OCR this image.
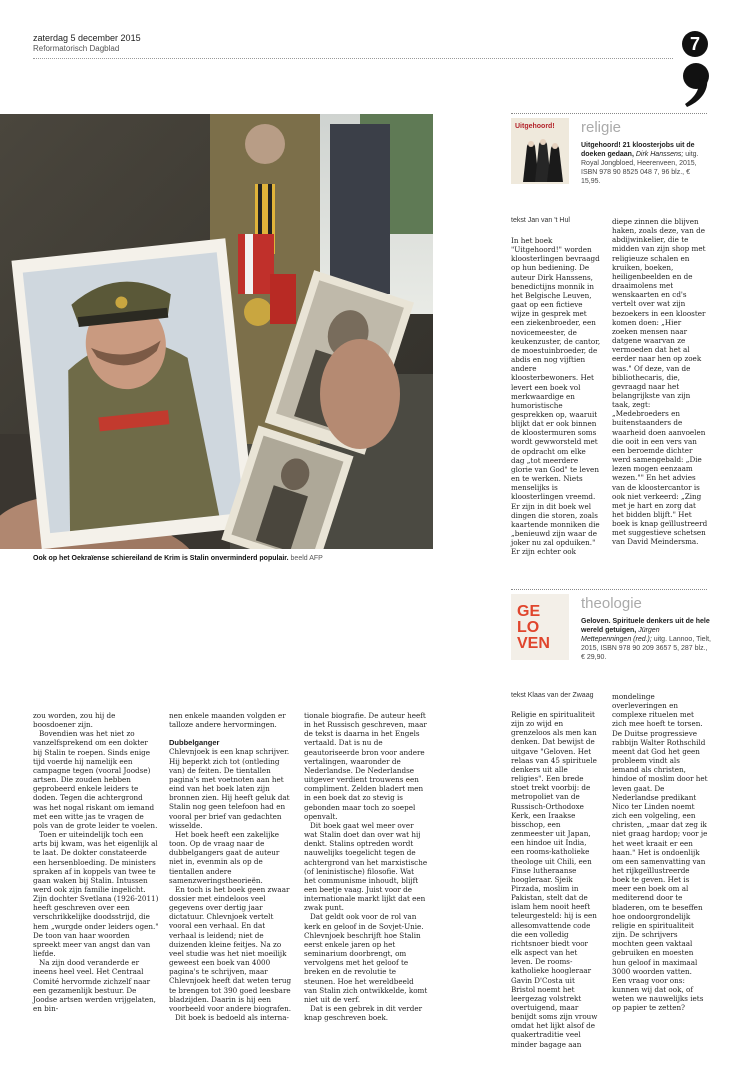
zaterdag 5 december 2015
Reformatorisch Dagblad	7
Ook op het Oekraïense schiereiland de Krim is Stalin onverminderd populair. beeld AFP
Uitgehoord! religie
Uitgehoord! 21 kloosterjobs uit de doeken gedaan, Dirk Hanssens; uitg. Royal Jongbloed, Heerenveen, 2015, ISBN 978 90 8525 048 7, 96 blz., € 15,95.
tekst Jan van 't Hul

In het boek "Uitgehoord!" worden kloosterlingen bevraagd op hun bediening. De auteur Dirk Hanssens, benedictijns monnik in het Belgische Leuven, gaat op een fictieve wijze in gesprek met een ziekenbroeder, een novicemeester, de keukenzuster, de cantor, de moestuinbroeder, de abdis en nog vijftien andere kloosterbewoners. Het levert een boek vol merkwaardige en humoristische gesprekken op, waaruit blijkt dat er ook binnen de kloostermuren soms wordt gewworsteld met de opdracht om elke dag „tot meerdere glorie van God" te leven en te werken. Niets menselijks is kloosterlingen vreemd. Er zijn in dit boek wel dingen die storen, zoals kaartende monniken die „benieuwd zijn waar de joker nu zal opduiken." Er zijn echter ook

diepe zinnen die blijven haken, zoals deze, van de abdijwinkelier, die te midden van zijn shop met religieuze schalen en kruiken, boeken, heiligenbeelden en de draaimolens met wenskaarten en cd's vertelt over wat zijn bezoekers in een klooster komen doen: „Hier zoeken mensen naar datgene waarvan ze vermoeden dat het al eerder naar hen op zoek was." Of deze, van de bibliothecaris, die, gevraagd naar het belangrijkste van zijn taak, zegt: „Medebroeders en buitenstaanders de waarheid doen aanvoelen die ooit in een vers van een beroemde dichter werd samengebald: „Die lezen mogen eenzaam wezen."" En het advies van de kloostercantor is ook niet verkeerd: „Zing met je hart en zorg dat het bidden blijft." Het boek is knap geïllustreerd met suggestieve schetsen van David Meindersma.

GE
LO
VEN
theologie
Geloven. Spirituele denkers uit de hele wereld getuigen, Jürgen Mettepenningen (red.); uitg. Lannoo, Tielt, 2015, ISBN 978 90 209 3657 5, 287 blz., € 29,90.
tekst Klaas van der Zwaag

Religie en spiritualiteit zijn zo wijd en grenzeloos als men kan denken. Dat bewijst de uitgave "Geloven. Het relaas van 45 spirituele denkers uit alle religies". Een brede stoet trekt voorbij: de metropoliet van de Russisch-Orthodoxe Kerk, een Iraakse bisschop, een zenmeester uit Japan, een hindoe uit India, een rooms-katholieke theologe uit Chili, een Finse lutheraanse hoogleraar. Sjeik Pirzada, moslim in Pakistan, stelt dat de islam hem nooit heeft teleurgesteld: hij is een allesomvattende code die een volledig richtsnoer biedt voor elk aspect van het leven. De rooms-katholieke hoogleraar Gavin D'Costa uit Bristol noemt het leergezag volstrekt overtuigend, maar benijdt soms zijn vrouw omdat het lijkt alsof de quakertraditie veel minder bagage aan

mondelinge overleveringen en complexe rituelen met zich mee hoeft te torsen. De Duitse progressieve rabbijn Walter Rothschild meent dat God het geen probleem vindt als iemand als christen, hindoe of moslim door het leven gaat. De Nederlandse predikant Nico ter Linden noemt zich een volgeling, een christen, „maar dat zeg ik niet graag hardop; voor je het weet kraait er een haan." Het is ondoenlijk om een samenvatting van het rijkgeïllustreerde boek te geven. Het is meer een boek om al mediterend door te bladeren, om te beseffen hoe ondoorgrondelijk religie en spiritualiteit zijn. De schrijvers mochten geen vaktaal gebruiken en moesten hun geloof in maximaal 3000 woorden vatten. Een vraag voor ons: kunnen wij dat ook, of weten we nauwelijks iets op papier te zetten?

zou worden, zou hij de boosdoener zijn.

Bovendien was het niet zo vanzelfsprekend om een dokter bij Stalin te roepen. Sinds enige tijd voerde hij namelijk een campagne tegen (vooral Joodse) artsen. Die zouden hebben geprobeerd enkele leiders te doden. Tegen die achtergrond was het nogal riskant om iemand met een witte jas te vragen de pols van de grote leider te voelen.

Toen er uiteindelijk toch een arts bij kwam, was het eigenlijk al te laat. De dokter constateerde een hersenbloeding. De ministers spraken af in koppels van twee te gaan waken bij Stalin. Intussen werd ook zijn familie ingelicht. Zijn dochter Svetlana (1926-2011) heeft geschreven over een verschrikkelijke doodsstrijd, die hem „wurgde onder leiders ogen." De toon van haar woorden spreekt meer van angst dan van liefde.

Na zijn dood veranderde er ineens heel veel. Het Centraal Comité hervormde zichzelf naar een gezamenlijk bestuur. De Joodse artsen werden vrijgelaten, en bin-

nen enkele maanden volgden er talloze andere hervormingen.

Dubbelganger

Chlevnjoek is een knap schrijver. Hij beperkt zich tot (ontleding van) de feiten. De tientallen pagina's met voetnoten aan het eind van het boek laten zijn bronnen zien. Hij heeft geluk dat Stalin nog geen telefoon had en vooral per brief van gedachten wisselde.

Het boek heeft een zakelijke toon. Op de vraag naar de dubbelgangers gaat de auteur niet in, evenmin als op de tientallen andere samenzweringstheorieën.

En toch is het boek geen zwaar dossier met eindeloos veel gegevens over dertig jaar dictatuur. Chlevnjoek vertelt vooral een verhaal. En dat verhaal is leidend; niet de duizenden kleine feitjes. Na zo veel studie was het niet moeilijk geweest een boek van 4000 pagina's te schrijven, maar Chlevnjoek heeft dat weten terug te brengen tot 390 goed leesbare bladzijden. Daarin is hij een voorbeeld voor andere biografen.

Dit boek is bedoeld als interna-

tionale biografie. De auteur heeft in het Russisch geschreven, maar de tekst is daarna in het Engels vertaald. Dat is nu de geautoriseerde bron voor andere vertalingen, waaronder de Nederlandse. De Nederlandse uitgever verdient trouwens een compliment. Zelden bladert men in een boek dat zo stevig is gebonden maar toch zo soepel openvalt.

Dit boek gaat wel meer over wat Stalin doet dan over wat hij denkt. Stalins optreden wordt nauwelijks toegelicht tegen de achtergrond van het marxistische (of leninistische) filosofie. Wat het communisme inhoudt, blijft een beetje vaag. Juist voor de internationale markt lijkt dat een zwak punt.

Dat geldt ook voor de rol van kerk en geloof in de Sovjet-Unie. Chlevnjoek beschrijft hoe Stalin eerst enkele jaren op het seminarium doorbrengt, om vervolgens met het geloof te breken en de revolutie te steunen. Hoe het wereldbeeld van Stalin zich ontwikkelde, komt niet uit de verf.

Dat is een gebrek in dit verder knap geschreven boek.
